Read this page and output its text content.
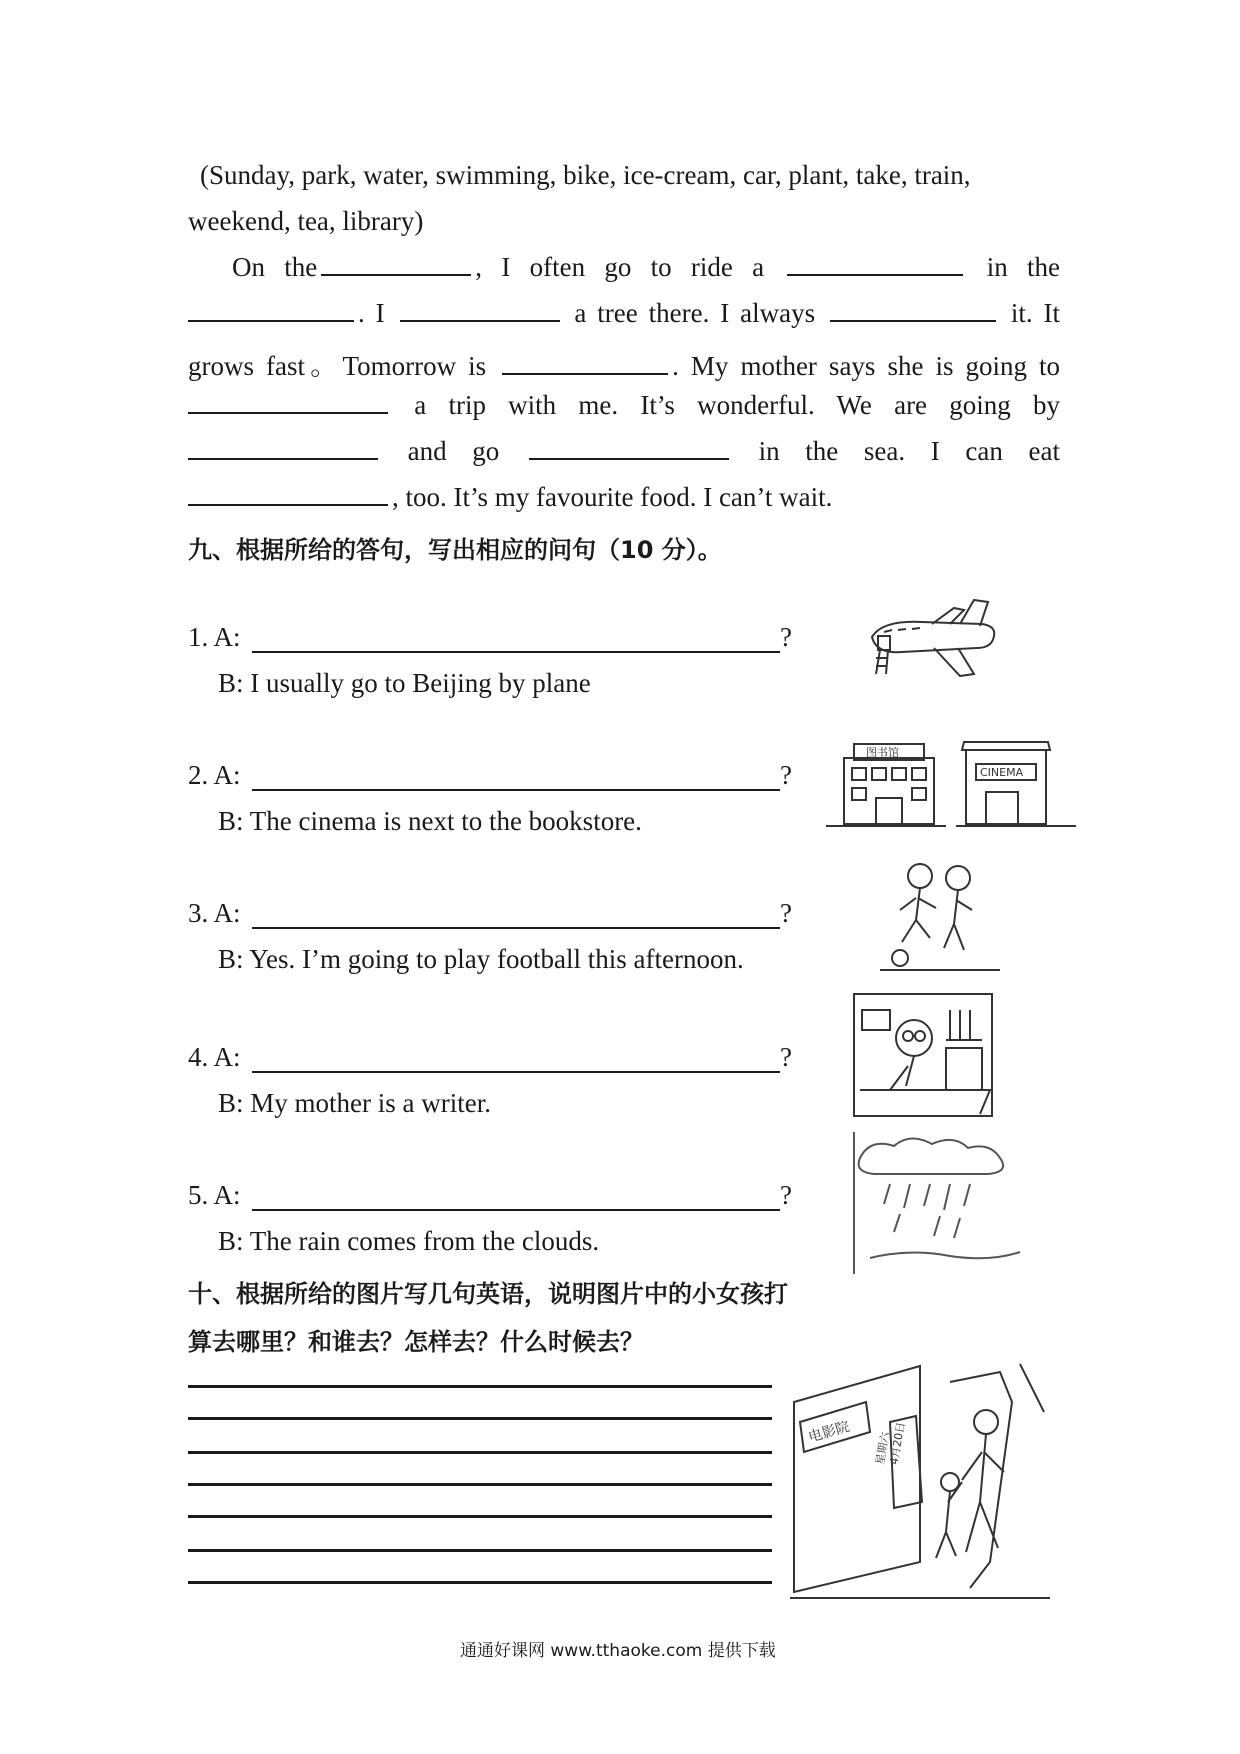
(Sunday, park, water, swimming, bike, ice-cream, car, plant, take, train,
weekend, tea, library)
On the	, I often go to ride a	in the
. I	a tree there. I always	it. It
grows fast。Tomorrow is	. My mother says she is going to
a trip with me. It’s wonderful. We are going by
and go	in the sea. I can eat
, too. It’s my favourite food. I can’t wait.
九、根据所给的答句，写出相应的问句（10 分）。
1. A:	?
B: I usually go to Beijing by plane
2. A:	?
B: The cinema is next to the bookstore.
3. A:	?
B: Yes. I’m going to play football this afternoon.
4. A:	?
B: My mother is a writer.
5. A:	?
B: The rain comes from the clouds.
图书馆
CINEMA
十、根据所给的图片写几句英语，说明图片中的小女孩打
算去哪里？和谁去？怎样去？什么时候去？
电影院 星期六
4月20日
通通好课网 www.tthaoke.com 提供下载
